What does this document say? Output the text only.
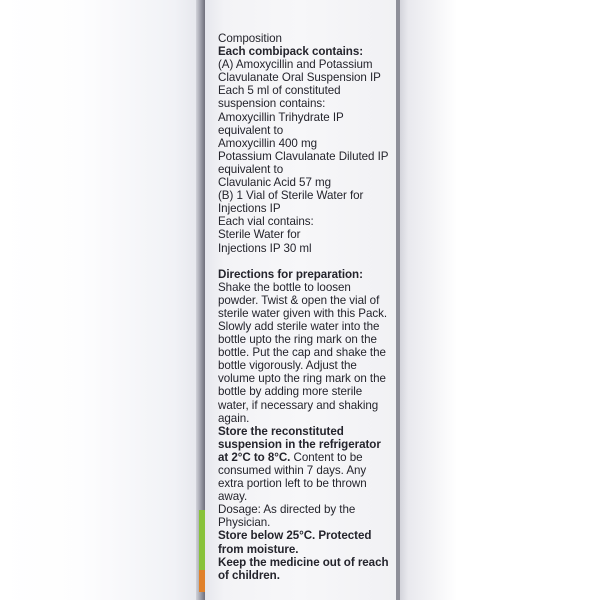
Composition
Each combipack contains:
(A) Amoxycillin and Potassium
Clavulanate Oral Suspension IP
Each 5 ml of constituted
suspension contains:
Amoxycillin Trihydrate IP
equivalent to
Amoxycillin 400 mg
Potassium Clavulanate Diluted IP
equivalent to
Clavulanic Acid 57 mg
(B) 1 Vial of Sterile Water for
Injections IP
Each vial contains:
Sterile Water for
Injections IP 30 ml
Directions for preparation:
Shake the bottle to loosen
powder. Twist & open the vial of
sterile water given with this Pack.
Slowly add sterile water into the
bottle upto the ring mark on the
bottle. Put the cap and shake the
bottle vigorously. Adjust the
volume upto the ring mark on the
bottle by adding more sterile
water, if necessary and shaking
again.
Store the reconstituted
suspension in the refrigerator
at 2°C to 8°C. Content to be
consumed within 7 days. Any
extra portion left to be thrown
away.
Dosage: As directed by the
Physician.
Store below 25°C. Protected
from moisture.
Keep the medicine out of reach
of children.
